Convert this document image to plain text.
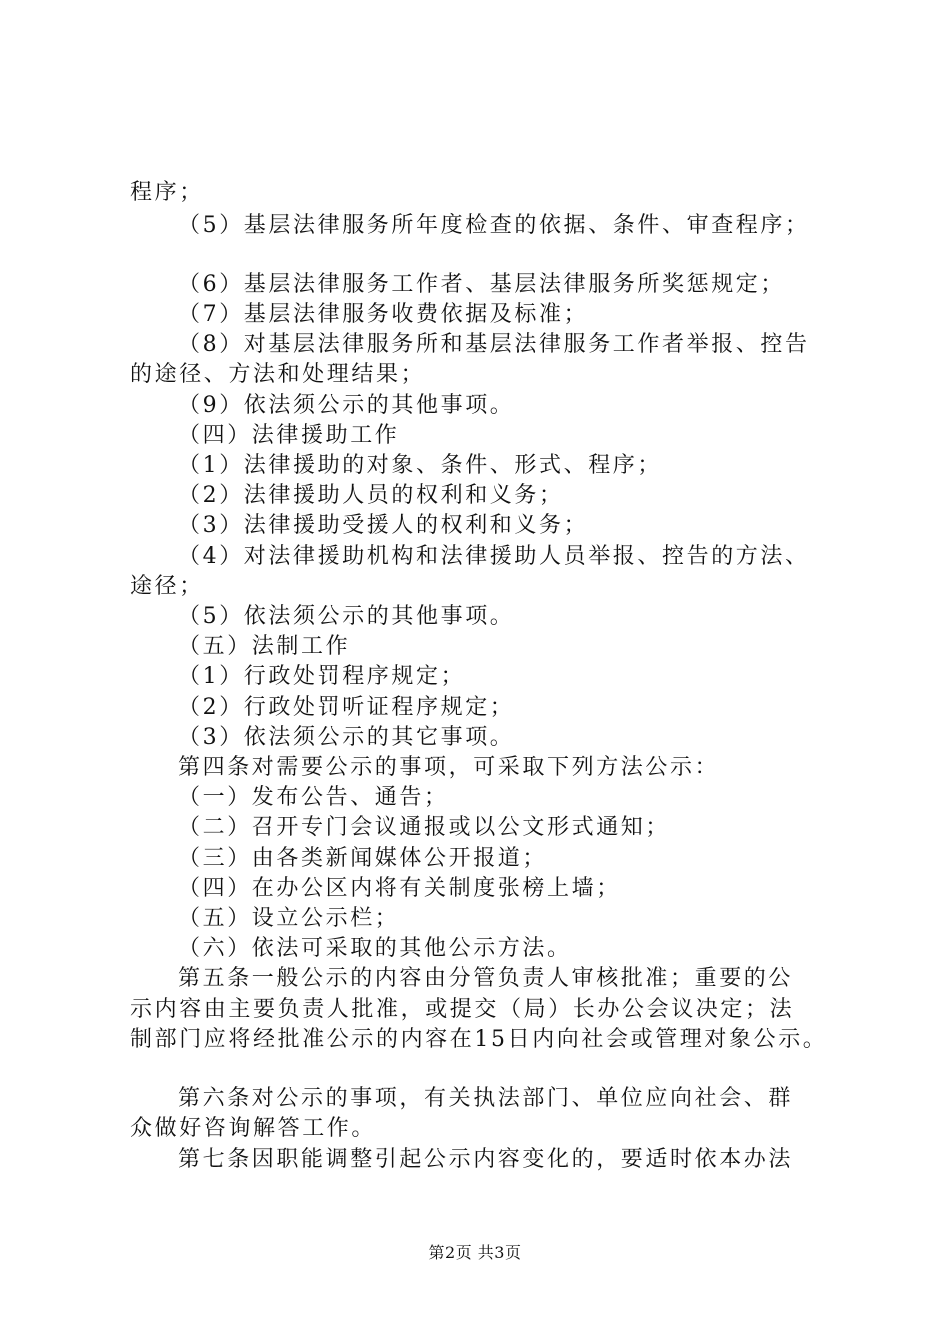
程序；
（5）基层法律服务所年度检查的依据、条件、审查程序；
（6）基层法律服务工作者、基层法律服务所奖惩规定；
（7）基层法律服务收费依据及标准；
（8）对基层法律服务所和基层法律服务工作者举报、控告
的途径、方法和处理结果；
（9）依法须公示的其他事项。
（四）法律援助工作
（1）法律援助的对象、条件、形式、程序；
（2）法律援助人员的权利和义务；
（3）法律援助受援人的权利和义务；
（4）对法律援助机构和法律援助人员举报、控告的方法、
途径；
（5）依法须公示的其他事项。
（五）法制工作
（1）行政处罚程序规定；
（2）行政处罚听证程序规定；
（3）依法须公示的其它事项。
第四条对需要公示的事项，可采取下列方法公示：
（一）发布公告、通告；
（二）召开专门会议通报或以公文形式通知；
（三）由各类新闻媒体公开报道；
（四）在办公区内将有关制度张榜上墙；
（五）设立公示栏；
（六）依法可采取的其他公示方法。
第五条一般公示的内容由分管负责人审核批准；重要的公
示内容由主要负责人批准，或提交（局）长办公会议决定；法
制部门应将经批准公示的内容在15日内向社会或管理对象公示。
第六条对公示的事项，有关执法部门、单位应向社会、群
众做好咨询解答工作。
第七条因职能调整引起公示内容变化的，要适时依本办法
第2页 共3页
